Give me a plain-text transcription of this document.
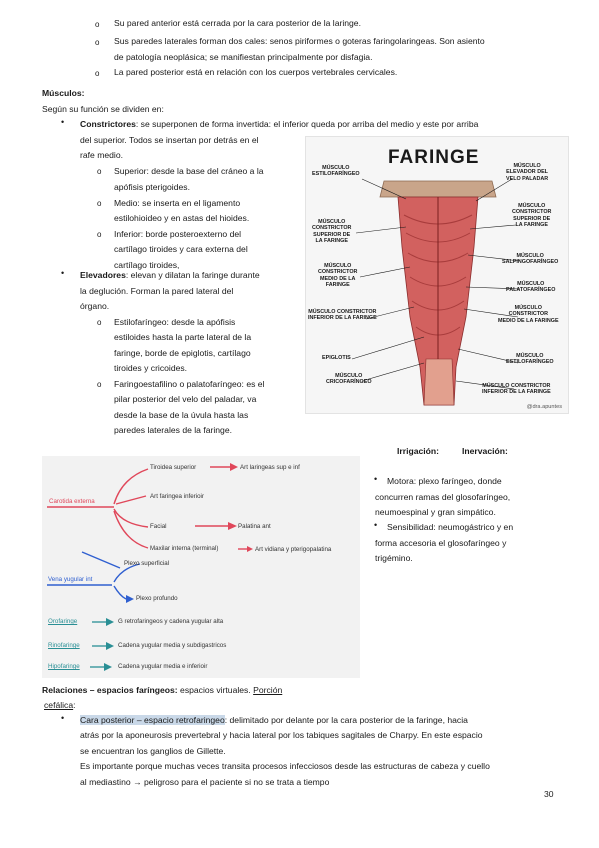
o Su pared anterior está cerrada por la cara posterior de la laringe.
o Sus paredes laterales forman dos cales: senos piriformes o goteras faringolaringeas. Son asiento
de patología neoplásica; se manifiestan principalmente por disfagia.
o La pared posterior está en relación con los cuerpos vertebrales cervicales.
Músculos:
Según su función se dividen en:
• Constrictores: se superponen de forma invertida: el inferior queda por arriba del medio y este por arriba
del superior. Todos se insertan por detrás en el
rafe medio.
o Superior: desde la base del cráneo a la
apófisis pterigoides.
o Medio: se inserta en el ligamento
estilohioideo y en astas del hioides.
o Inferior: borde posteroexterno del
cartílago tiroides y cara externa del
cartílago tiroides,
• Elevadores: elevan y dilatan la faringe durante
la deglución. Forman la pared lateral del
órgano.
o Estilofaríngeo: desde la apófisis
estiloides hasta la parte lateral de la
faringe, borde de epiglotis, cartílago
tiroides y cricoides.
o Faringoestafilino o palatofaríngeo: es el
pilar posterior del velo del paladar, va
desde la base de la úvula hasta las
paredes laterales de la faringe.
FARINGE
MÚSCULO
ESTILOFARÍNGEO
MÚSCULO
ELEVADOR DEL
VELO PALADAR
MÚSCULO
CONSTRICTOR
SUPERIOR DE
LA FARINGE
MÚSCULO
CONSTRICTOR
SUPERIOR DE
LA FARINGE
MÚSCULO
CONSTRICTOR
MEDIO DE LA
FARINGE
MÚSCULO
SALPINGOFARÍNGEO
MÚSCULO
PALATOFARÍNGEO
MÚSCULO CONSTRICTOR
INFERIOR DE LA FARINGE
MÚSCULO
CONSTRICTOR
MEDIO DE LA FARINGE
EPIGLOTIS
MÚSCULO
CRICOFARÍNGEO
MÚSCULO
ESTILOFARÍNGEO
MÚSCULO CONSTRICTOR
INFERIOR DE LA FARINGE
@dra.apuntes
Irrigación:	Inervación:
• Motora: plexo faríngeo, donde
concurren ramas del glosofaríngeo,
neumoespinal y gran simpático.
• Sensibilidad: neumogástrico y en
forma accesoria el glosofaríngeo y
trigémino.
Carotida externa
Tiroidea superior	Art laringeas sup e inf
Art faringea inferioir
Facial	Palatina ant
Maxilar interna (terminal)	Art vidiana y pterigopalatina
Vena yugular int
Plexo superficial
Plexo profundo
Orofaringe	G retrofaringeos y cadena yugular alta
Rinofaringe	Cadena yugular media y subdigastricos
Hipofaringe	Cadena yugular media e inferioir
Relaciones – espacios faríngeos: espacios virtuales. Porción
cefálica:
• Cara posterior – espacio retrofaringeo: delimitado por delante por la cara posterior de la faringe, hacia
atrás por la aponeurosis prevertebral y hacia lateral por los tabiques sagitales de Charpy. En este espacio
se encuentran los ganglios de Gillette.
Es importante porque muchas veces transita procesos infecciosos desde las estructuras de cabeza y cuello
al mediastino → peligroso para el paciente si no se trata a tiempo
30
